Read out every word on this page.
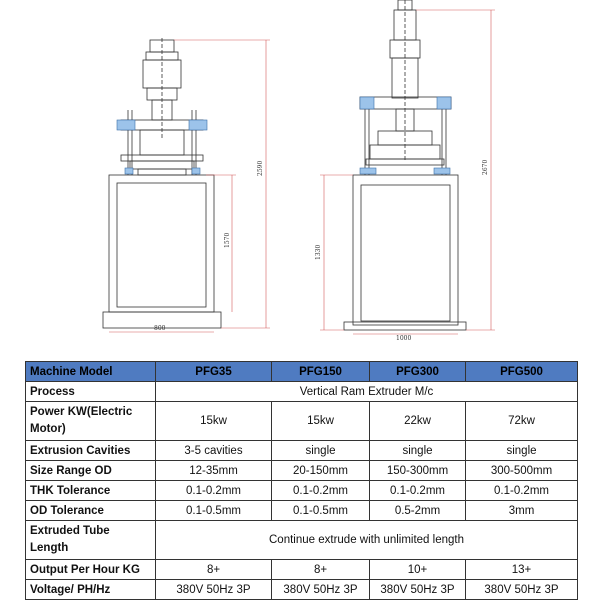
2590
1570
800
2670
1330
1000
Machine Model	PFG35	PFG150	PFG300	PFG500
Process	Vertical Ram Extruder M/c			
Power KW(Electric Motor)	15kw	15kw	22kw	72kw
Extrusion Cavities	3-5 cavities	single	single	single
Size Range OD	12-35mm	20-150mm	150-300mm	300-500mm
THK Tolerance	0.1-0.2mm	0.1-0.2mm	0.1-0.2mm	0.1-0.2mm
OD Tolerance	0.1-0.5mm	0.1-0.5mm	0.5-2mm	3mm
Extruded Tube Length	Continue extrude with unlimited length			
Output Per Hour KG	8+	8+	10+	13+
Voltage/ PH/Hz	380V 50Hz 3P	380V 50Hz 3P	380V 50Hz 3P	380V 50Hz 3P
